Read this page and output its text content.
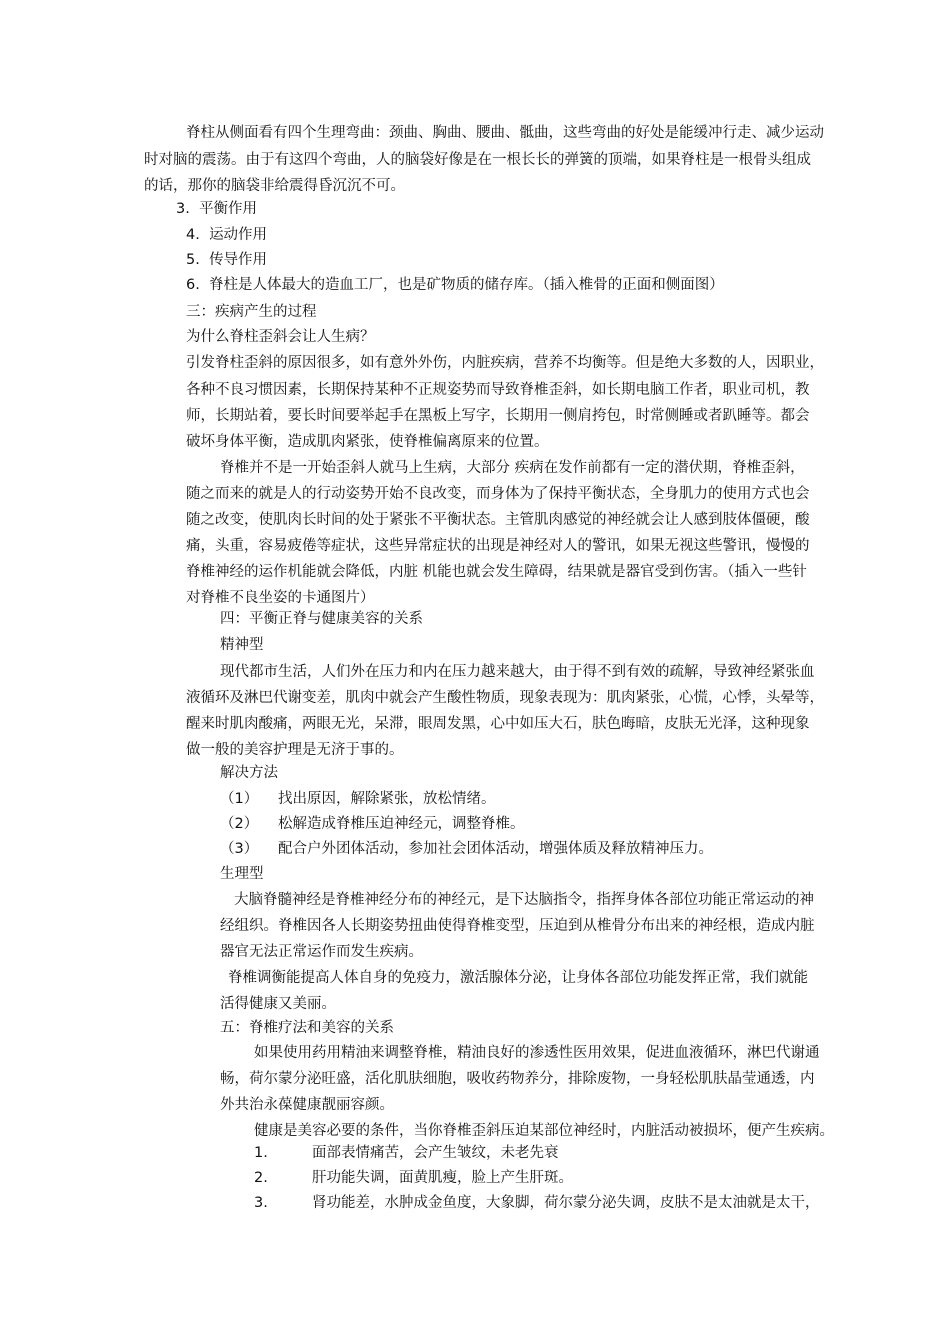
脊柱从侧面看有四个生理弯曲：颈曲、胸曲、腰曲、骶曲，这些弯曲的好处是能缓冲行走、减少运动
时对脑的震荡。由于有这四个弯曲，人的脑袋好像是在一根长长的弹簧的顶端，如果脊柱是一根骨头组成
的话，那你的脑袋非给震得昏沉沉不可。
3. 平衡作用
4. 运动作用
5. 传导作用
6. 脊柱是人体最大的造血工厂，也是矿物质的储存库。（插入椎骨的正面和侧面图）
三：疾病产生的过程
为什么脊柱歪斜会让人生病？
引发脊柱歪斜的原因很多，如有意外外伤，内脏疾病，营养不均衡等。但是绝大多数的人，因职业，
各种不良习惯因素，长期保持某种不正规姿势而导致脊椎歪斜，如长期电脑工作者，职业司机，教
师，长期站着，要长时间要举起手在黑板上写字，长期用一侧肩挎包，时常侧睡或者趴睡等。都会
破坏身体平衡，造成肌肉紧张，使脊椎偏离原来的位置。
脊椎并不是一开始歪斜人就马上生病，大部分 疾病在发作前都有一定的潜伏期，脊椎歪斜，
随之而来的就是人的行动姿势开始不良改变，而身体为了保持平衡状态，全身肌力的使用方式也会
随之改变，使肌肉长时间的处于紧张不平衡状态。主管肌肉感觉的神经就会让人感到肢体僵硬，酸
痛，头重，容易疲倦等症状，这些异常症状的出现是神经对人的警讯，如果无视这些警讯，慢慢的
脊椎神经的运作机能就会降低，内脏 机能也就会发生障碍，结果就是器官受到伤害。（插入一些针
对脊椎不良坐姿的卡通图片）
四：平衡正脊与健康美容的关系
精神型
现代都市生活，人们外在压力和内在压力越来越大，由于得不到有效的疏解，导致神经紧张血
液循环及淋巴代谢变差，肌肉中就会产生酸性物质，现象表现为：肌肉紧张，心慌，心悸，头晕等，
醒来时肌肉酸痛，两眼无光，呆滞，眼周发黑，心中如压大石，肤色晦暗，皮肤无光泽，这种现象
做一般的美容护理是无济于事的。
解决方法
（1） 找出原因，解除紧张，放松情绪。
（2） 松解造成脊椎压迫神经元，调整脊椎。
（3） 配合户外团体活动，参加社会团体活动，增强体质及释放精神压力。
生理型
大脑脊髓神经是脊椎神经分布的神经元，是下达脑指令，指挥身体各部位功能正常运动的神
经组织。脊椎因各人长期姿势扭曲使得脊椎变型，压迫到从椎骨分布出来的神经根，造成内脏
器官无法正常运作而发生疾病。
脊椎调衡能提高人体自身的免疫力，激活腺体分泌，让身体各部位功能发挥正常，我们就能
活得健康又美丽。
五：脊椎疗法和美容的关系
如果使用药用精油来调整脊椎，精油良好的渗透性医用效果，促进血液循环，淋巴代谢通
畅，荷尔蒙分泌旺盛，活化肌肤细胞，吸收药物养分，排除废物，一身轻松肌肤晶莹通透，内
外共治永葆健康靓丽容颜。
健康是美容必要的条件，当你脊椎歪斜压迫某部位神经时，内脏活动被损坏，便产生疾病。
1.	面部表情痛苦，会产生皱纹，未老先衰
2.	肝功能失调，面黄肌瘦，脸上产生肝斑。
3.	肾功能差，水肿成金鱼度，大象脚，荷尔蒙分泌失调，皮肤不是太油就是太干，
